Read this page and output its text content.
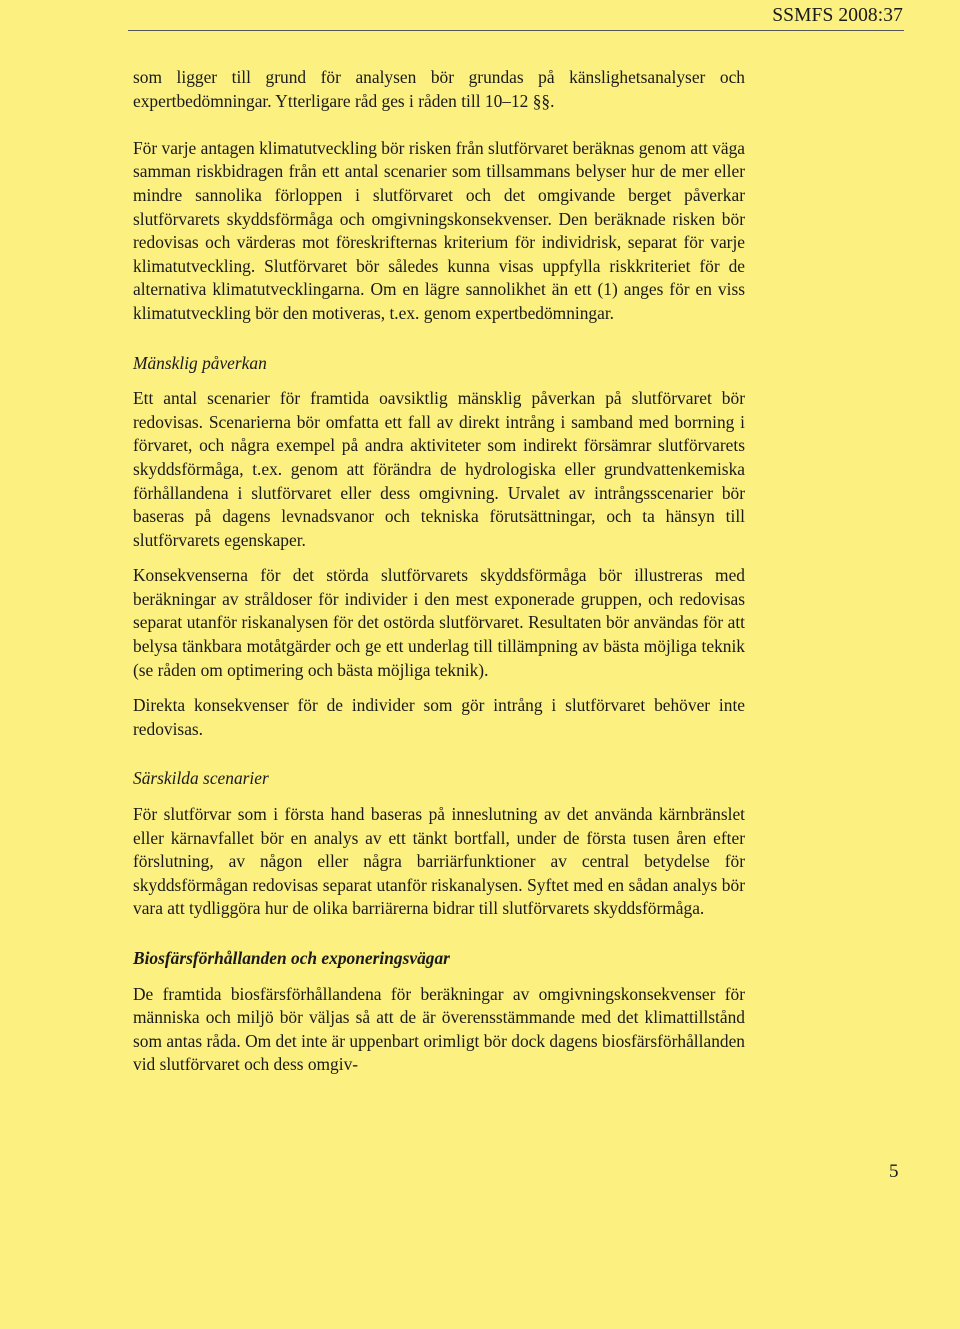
SSMFS 2008:37

som ligger till grund för analysen bör grundas på känslighetsanalyser och expertbedömningar. Ytterligare råd ges i råden till 10–12 §§.

För varje antagen klimatutveckling bör risken från slutförvaret beräknas genom att väga samman riskbidragen från ett antal scenarier som tillsammans belyser hur de mer eller mindre sannolika förloppen i slutförvaret och det omgivande berget påverkar slutförvarets skyddsförmåga och omgivningskonsekvenser. Den beräknade risken bör redovisas och värderas mot föreskrifternas kriterium för individrisk, separat för varje klimatutveckling. Slutförvaret bör således kunna visas uppfylla riskkriteriet för de alternativa klimatutvecklingarna. Om en lägre sannolikhet än ett (1) anges för en viss klimatutveckling bör den motiveras, t.ex. genom expertbedömningar.

Mänsklig påverkan

Ett antal scenarier för framtida oavsiktlig mänsklig påverkan på slutförvaret bör redovisas. Scenarierna bör omfatta ett fall av direkt intrång i samband med borrning i förvaret, och några exempel på andra aktiviteter som indirekt försämrar slutförvarets skyddsförmåga, t.ex. genom att förändra de hydrologiska eller grundvattenkemiska förhållandena i slutförvaret eller dess omgivning. Urvalet av intrångsscenarier bör baseras på dagens levnadsvanor och tekniska förutsättningar, och ta hänsyn till slutförvarets egenskaper.

Konsekvenserna för det störda slutförvarets skyddsförmåga bör illustreras med beräkningar av stråldoser för individer i den mest exponerade gruppen, och redovisas separat utanför riskanalysen för det ostörda slutförvaret. Resultaten bör användas för att belysa tänkbara motåtgärder och ge ett underlag till tillämpning av bästa möjliga teknik (se råden om optimering och bästa möjliga teknik).

Direkta konsekvenser för de individer som gör intrång i slutförvaret behöver inte redovisas.

Särskilda scenarier

För slutförvar som i första hand baseras på inneslutning av det använda kärnbränslet eller kärnavfallet bör en analys av ett tänkt bortfall, under de första tusen åren efter förslutning, av någon eller några barriärfunktioner av central betydelse för skyddsförmågan redovisas separat utanför riskanalysen. Syftet med en sådan analys bör vara att tydliggöra hur de olika barriärerna bidrar till slutförvarets skyddsförmåga.

Biosfärsförhållanden och exponeringsvägar

De framtida biosfärsförhållandena för beräkningar av omgivningskonsekvenser för människa och miljö bör väljas så att de är överensstämmande med det klimattillstånd som antas råda. Om det inte är uppenbart orimligt bör dock dagens biosfärsförhållanden vid slutförvaret och dess omgiv-

5
